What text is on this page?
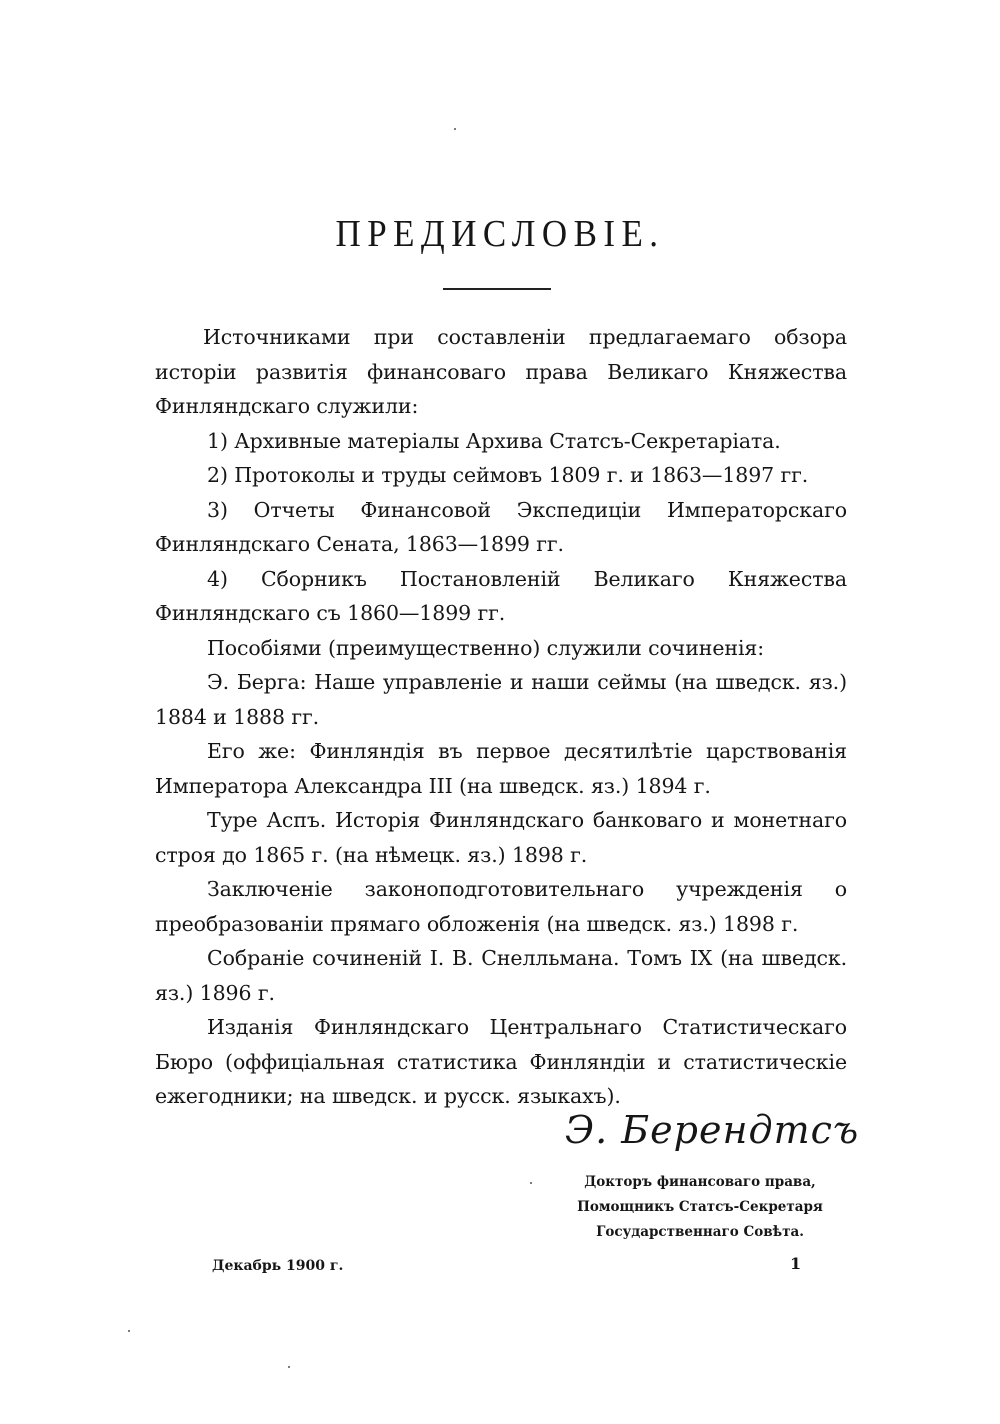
ПРЕДИСЛОВІЕ.

Источниками при составленіи предлагаемаго обзора исторіи развитія финансоваго права Великаго Княжества Финляндскаго служили:

1) Архивные матеріалы Архива Статсъ-Секретаріата.

2) Протоколы и труды сеймовъ 1809 г. и 1863—1897 гг.

3) Отчеты Финансовой Экспедиціи Императорскаго Финляндскаго Сената, 1863—1899 гг.

4) Сборникъ Постановленій Великаго Княжества Финляндскаго съ 1860—1899 гг.

Пособіями (преимущественно) служили сочиненія:

Э. Берга: Наше управленіе и наши сеймы (на шведск. яз.) 1884 и 1888 гг.

Его же: Финляндія въ первое десятилѣтіе царствованія Императора Александра III (на шведск. яз.) 1894 г.

Туре Аспъ. Исторія Финляндскаго банковаго и монетнаго строя до 1865 г. (на нѣмецк. яз.) 1898 г.

Заключеніе законоподготовительнаго учрежденія о преобразованіи прямаго обложенія (на шведск. яз.) 1898 г.

Собраніе сочиненій І. В. Снелльмана. Томъ IX (на шведск. яз.) 1896 г.

Изданія Финляндскаго Центральнаго Статистическаго Бюро (оффиціальная статистика Финляндіи и статистическіе ежегодники; на шведск. и русск. языкахъ).

Э. Берендтсъ
Докторъ финансоваго права,
Помощникъ Статсъ-Секретаря
Государственнаго Совѣта.
Декабрь 1900 г.	1
